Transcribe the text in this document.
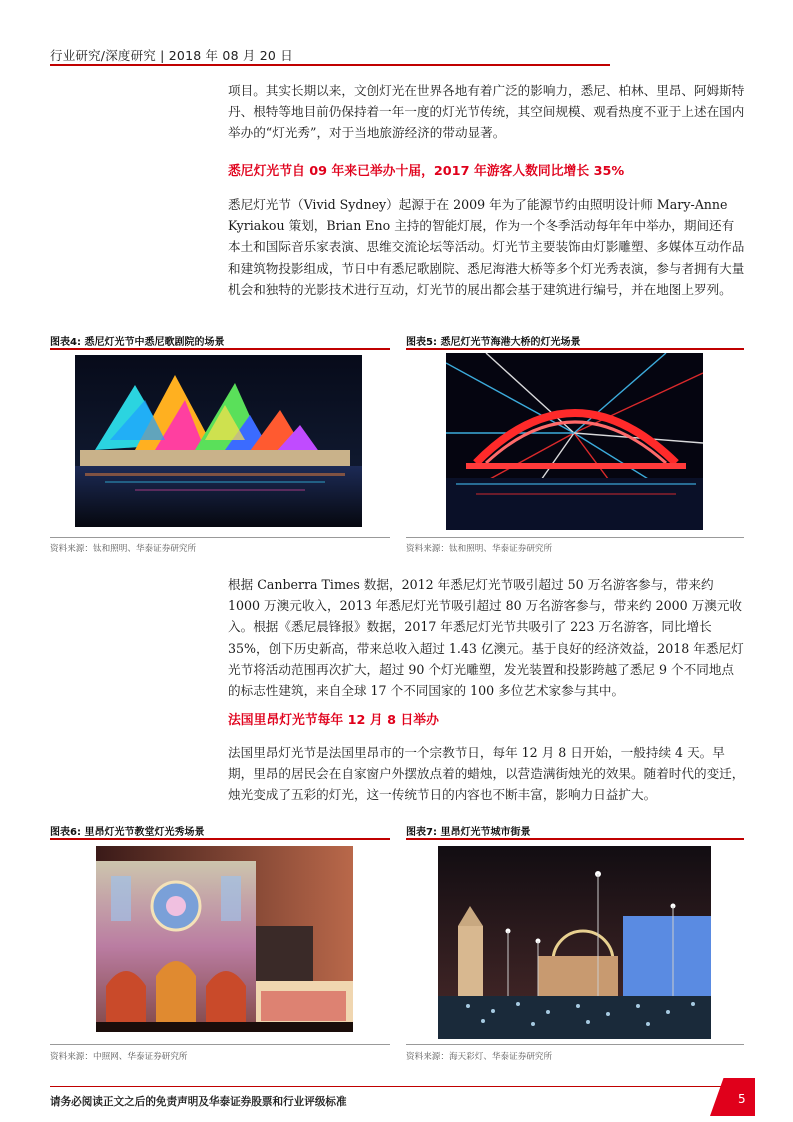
行业研究/深度研究 | 2018 年 08 月 20 日

项目。其实长期以来，文创灯光在世界各地有着广泛的影响力，悉尼、柏林、里昂、阿姆斯特丹、根特等地目前仍保持着一年一度的灯光节传统，其空间规模、观看热度不亚于上述在国内举办的“灯光秀”，对于当地旅游经济的带动显著。

悉尼灯光节自 09 年来已举办十届，2017 年游客人数同比增长 35%

悉尼灯光节（Vivid Sydney）起源于在 2009 年为了能源节约由照明设计师 Mary-Anne Kyriakou 策划，Brian Eno 主持的智能灯展，作为一个冬季活动每年年中举办，期间还有本土和国际音乐家表演、思维交流论坛等活动。灯光节主要装饰由灯影雕塑、多媒体互动作品和建筑物投影组成，节日中有悉尼歌剧院、悉尼海港大桥等多个灯光秀表演，参与者拥有大量机会和独特的光影技术进行互动，灯光节的展出都会基于建筑进行编号，并在地图上罗列。

图表4: 悉尼灯光节中悉尼歌剧院的场景
资料来源：钛和照明、华泰证券研究所
图表5: 悉尼灯光节海港大桥的灯光场景
资料来源：钛和照明、华泰证券研究所

根据 Canberra Times 数据，2012 年悉尼灯光节吸引超过 50 万名游客参与，带来约 1000 万澳元收入，2013 年悉尼灯光节吸引超过 80 万名游客参与，带来约 2000 万澳元收入。根据《悉尼晨锋报》数据，2017 年悉尼灯光节共吸引了 223 万名游客，同比增长 35%，创下历史新高，带来总收入超过 1.43 亿澳元。基于良好的经济效益，2018 年悉尼灯光节将活动范围再次扩大，超过 90 个灯光雕塑，发光装置和投影跨越了悉尼 9 个不同地点的标志性建筑，来自全球 17 个不同国家的 100 多位艺术家参与其中。

法国里昂灯光节每年 12 月 8 日举办

法国里昂灯光节是法国里昂市的一个宗教节日，每年 12 月 8 日开始，一般持续 4 天。早期，里昂的居民会在自家窗户外摆放点着的蜡烛，以营造满街烛光的效果。随着时代的变迁，烛光变成了五彩的灯光，这一传统节日的内容也不断丰富，影响力日益扩大。

图表6: 里昂灯光节教堂灯光秀场景
资料来源：中照网、华泰证券研究所
图表7: 里昂灯光节城市街景
资料来源：海天彩灯、华泰证券研究所
请务必阅读正文之后的免责声明及华泰证券股票和行业评级标准	5
